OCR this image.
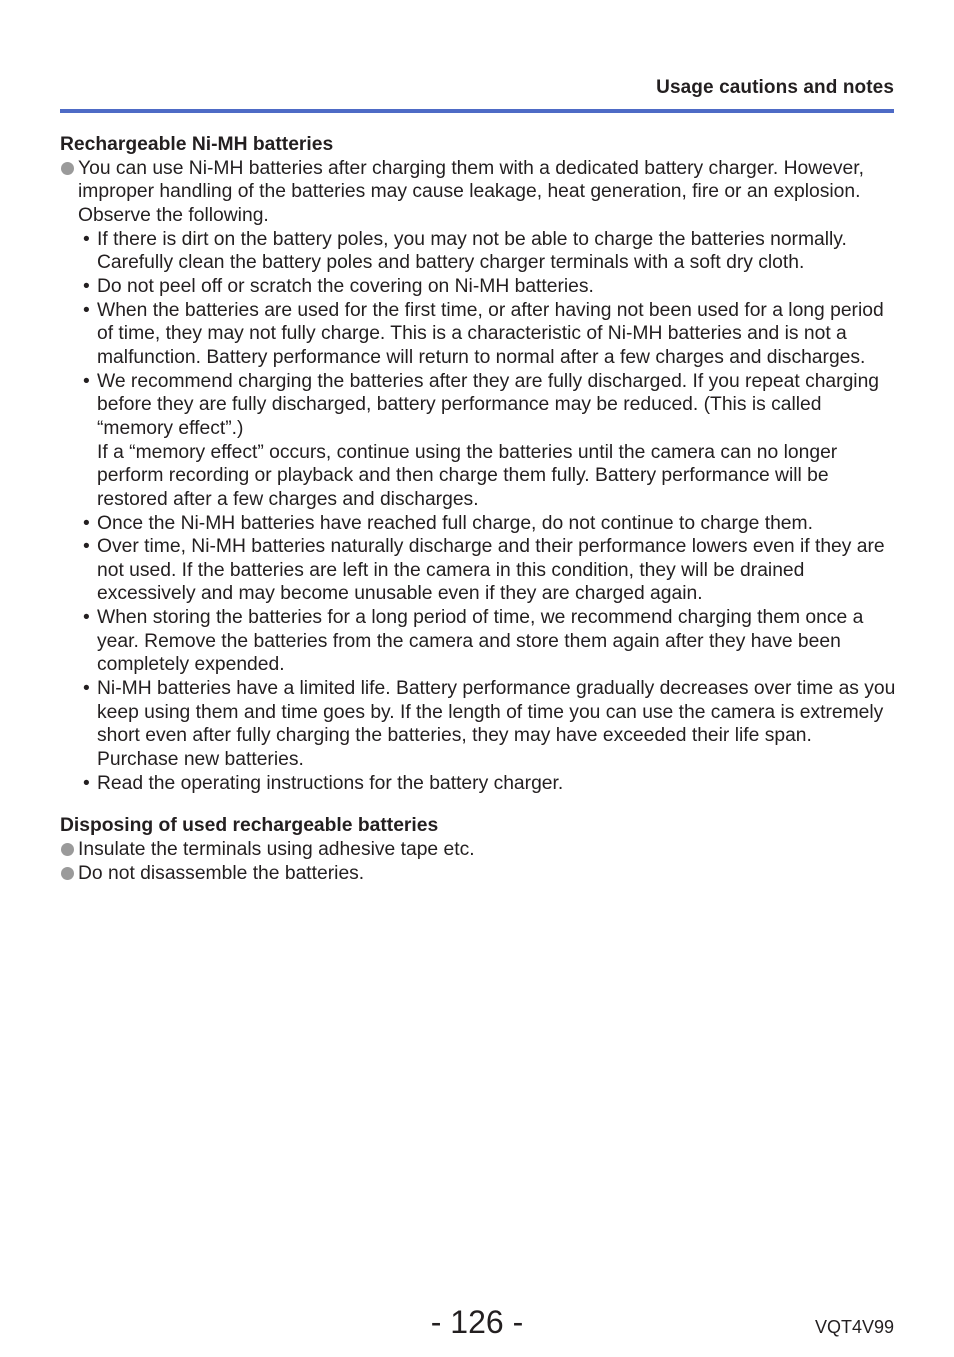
Usage cautions and notes
Rechargeable Ni-MH batteries
You can use Ni-MH batteries after charging them with a dedicated battery charger. However, improper handling of the batteries may cause leakage, heat generation, fire or an explosion. Observe the following.
• If there is dirt on the battery poles, you may not be able to charge the batteries normally. Carefully clean the battery poles and battery charger terminals with a soft dry cloth.
• Do not peel off or scratch the covering on Ni-MH batteries.
• When the batteries are used for the first time, or after having not been used for a long period of time, they may not fully charge. This is a characteristic of Ni-MH batteries and is not a malfunction. Battery performance will return to normal after a few charges and discharges.
• We recommend charging the batteries after they are fully discharged. If you repeat charging before they are fully discharged, battery performance may be reduced. (This is called “memory effect”.)
If a “memory effect” occurs, continue using the batteries until the camera can no longer perform recording or playback and then charge them fully. Battery performance will be restored after a few charges and discharges.
• Once the Ni-MH batteries have reached full charge, do not continue to charge them.
• Over time, Ni-MH batteries naturally discharge and their performance lowers even if they are not used. If the batteries are left in the camera in this condition, they will be drained excessively and may become unusable even if they are charged again.
• When storing the batteries for a long period of time, we recommend charging them once a year. Remove the batteries from the camera and store them again after they have been completely expended.
• Ni-MH batteries have a limited life. Battery performance gradually decreases over time as you keep using them and time goes by. If the length of time you can use the camera is extremely short even after fully charging the batteries, they may have exceeded their life span. Purchase new batteries.
• Read the operating instructions for the battery charger.
Disposing of used rechargeable batteries
Insulate the terminals using adhesive tape etc.
Do not disassemble the batteries.
- 126 -	VQT4V99
